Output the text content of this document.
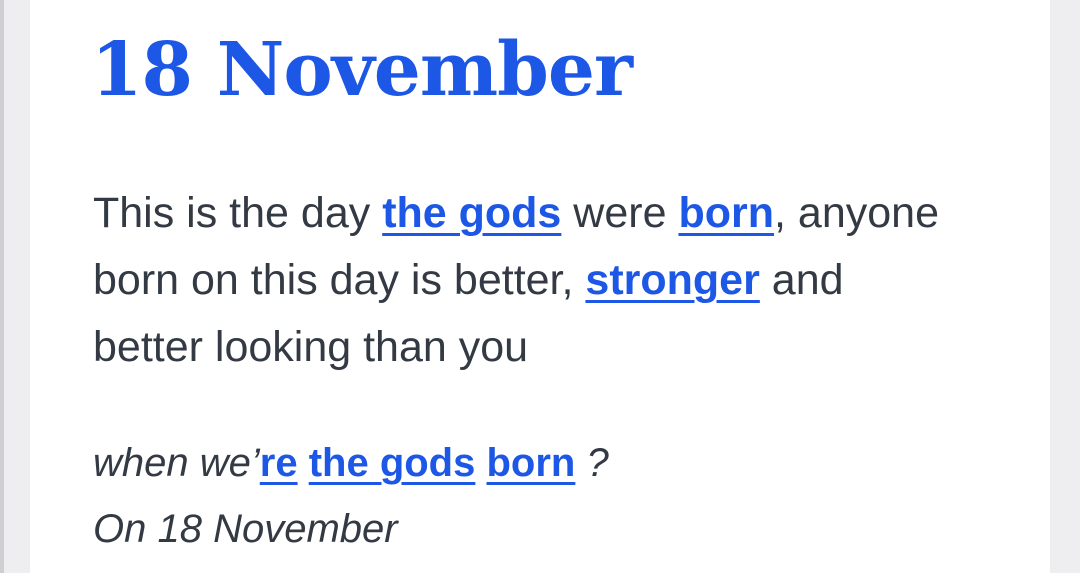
18 November

This is the day the gods were born, anyone
born on this day is better, stronger and
better looking than you

when we’re the gods born ?
On 18 November
